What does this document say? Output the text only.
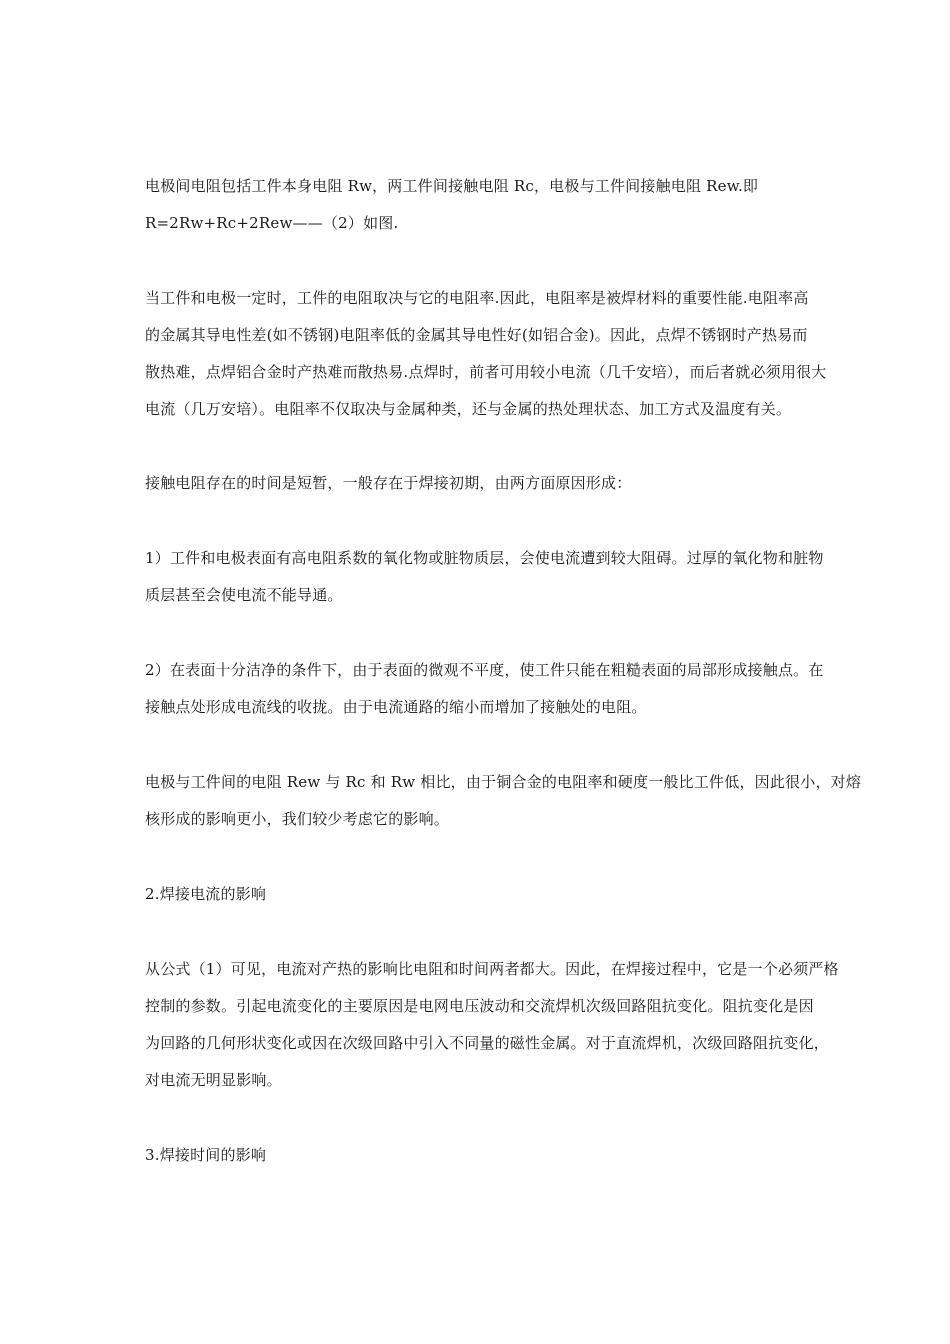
电极间电阻包括工件本身电阻 Rw，两工件间接触电阻 Rc，电极与工件间接触电阻 Rew.即
R=2Rw+Rc+2Rew——（2）如图.
当工件和电极一定时，工件的电阻取决与它的电阻率.因此，电阻率是被焊材料的重要性能.电阻率高
的金属其导电性差(如不锈钢)电阻率低的金属其导电性好(如铝合金)。因此，点焊不锈钢时产热易而
散热难，点焊铝合金时产热难而散热易.点焊时，前者可用较小电流（几千安培），而后者就必须用很大
电流（几万安培）。电阻率不仅取决与金属种类，还与金属的热处理状态、加工方式及温度有关。
接触电阻存在的时间是短暂，一般存在于焊接初期，由两方面原因形成：
1）工件和电极表面有高电阻系数的氧化物或脏物质层，会使电流遭到较大阻碍。过厚的氧化物和脏物
质层甚至会使电流不能导通。
2）在表面十分洁净的条件下，由于表面的微观不平度，使工件只能在粗糙表面的局部形成接触点。在
接触点处形成电流线的收拢。由于电流通路的缩小而增加了接触处的电阻。
电极与工件间的电阻 Rew 与 Rc 和 Rw 相比，由于铜合金的电阻率和硬度一般比工件低，因此很小，对熔
核形成的影响更小，我们较少考虑它的影响。
2.焊接电流的影响
从公式（1）可见，电流对产热的影响比电阻和时间两者都大。因此，在焊接过程中，它是一个必须严格
控制的参数。引起电流变化的主要原因是电网电压波动和交流焊机次级回路阻抗变化。阻抗变化是因
为回路的几何形状变化或因在次级回路中引入不同量的磁性金属。对于直流焊机，次级回路阻抗变化，
对电流无明显影响。
3.焊接时间的影响
